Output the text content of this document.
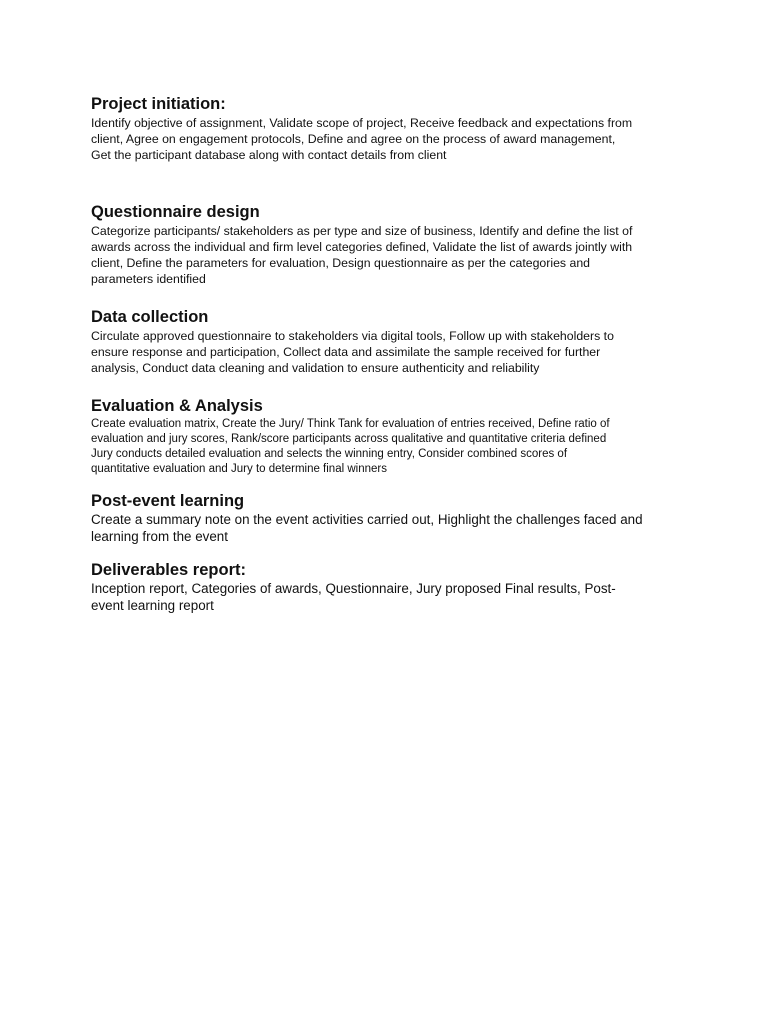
Project initiation:

Identify objective of assignment, Validate scope of project, Receive feedback and expectations from
client, Agree on engagement protocols, Define and agree on the process of award management,
Get the participant database along with contact details from client

Questionnaire design

Categorize participants/ stakeholders as per type and size of business, Identify and define the list of
awards across the individual and firm level categories defined, Validate the list of awards jointly with
client, Define the parameters for evaluation, Design questionnaire as per the categories and
parameters identified

Data collection

Circulate approved questionnaire to stakeholders via digital tools, Follow up with stakeholders to
ensure response and participation, Collect data and assimilate the sample received for further
analysis, Conduct data cleaning and validation to ensure authenticity and reliability

Evaluation & Analysis

Create evaluation matrix, Create the Jury/ Think Tank for evaluation of entries received, Define ratio of
evaluation and jury scores, Rank/score participants across qualitative and quantitative criteria defined
Jury conducts detailed evaluation and selects the winning entry, Consider combined scores of
quantitative evaluation and Jury to determine final winners

Post-event learning

Create a summary note on the event activities carried out, Highlight the challenges faced and
learning from the event

Deliverables report:

Inception report, Categories of awards, Questionnaire, Jury proposed Final results, Post-
event learning report
